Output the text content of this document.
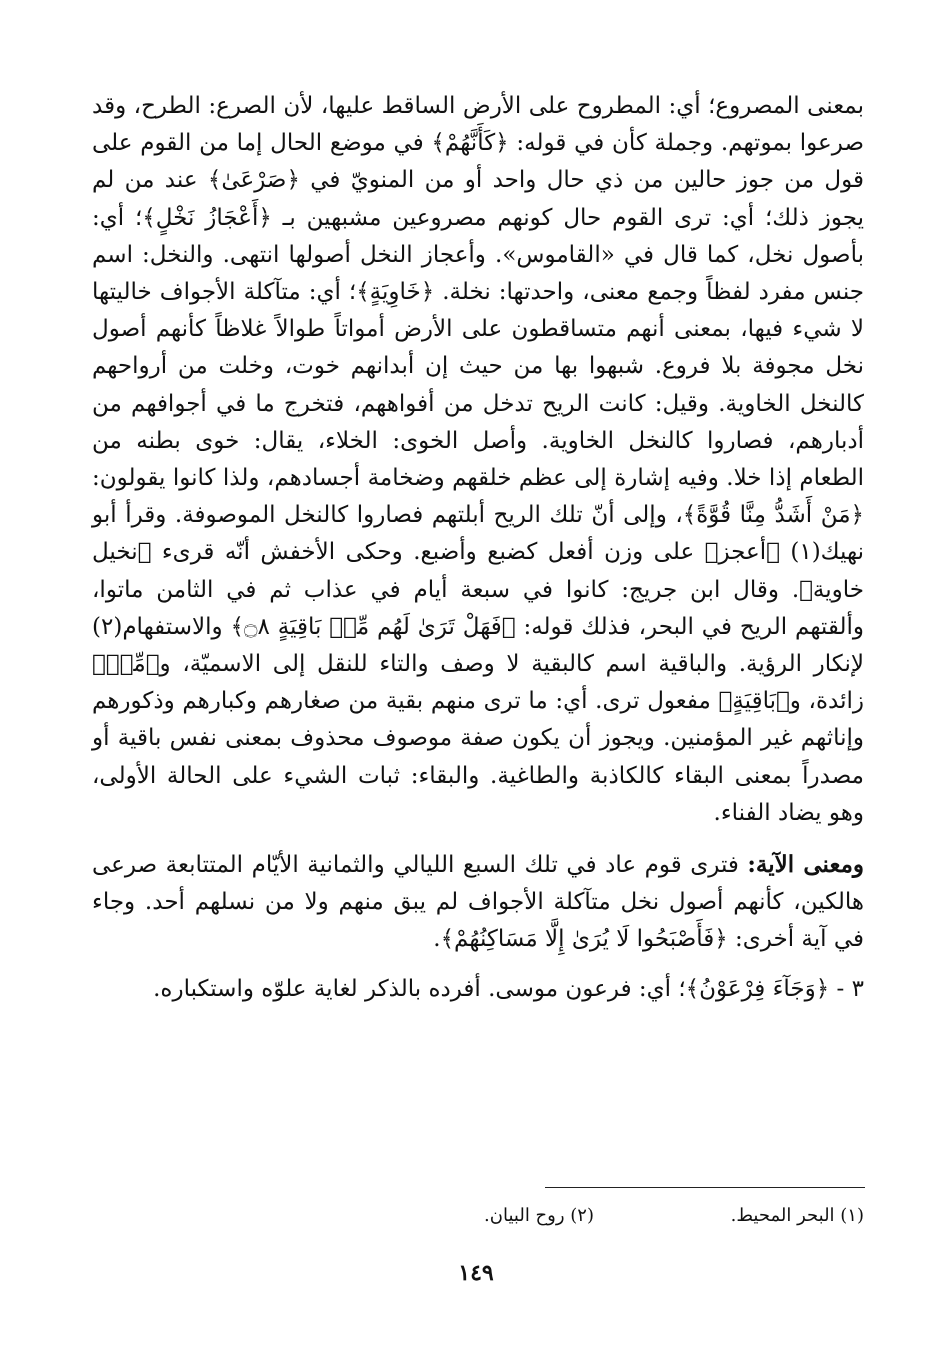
بمعنى المصروع؛ أي: المطروح على الأرض الساقط عليها، لأن الصرع: الطرح، وقد صرعوا بموتهم. وجملة كأن في قوله: ﴿كَأَنَّهُمْ﴾ في موضع الحال إما من القوم على قول من جوز حالين من ذي حال واحد أو من المنويّ في ﴿صَرْعَىٰ﴾ عند من لم يجوز ذلك؛ أي: ترى القوم حال كونهم مصروعين مشبهين بـ ﴿أَعْجَازُ نَخْلٍ﴾؛ أي: بأصول نخل، كما قال في «القاموس». وأعجاز النخل أصولها انتهى. والنخل: اسم جنس مفرد لفظاً وجمع معنى، واحدتها: نخلة. ﴿خَاوِيَةٍ﴾؛ أي: متآكلة الأجواف خاليتها لا شيء فيها، بمعنى أنهم متساقطون على الأرض أمواتاً طوالاً غلاظاً كأنهم أصول نخل مجوفة بلا فروع. شبهوا بها من حيث إن أبدانهم خوت، وخلت من أرواحهم كالنخل الخاوية. وقيل: كانت الريح تدخل من أفواههم، فتخرج ما في أجوافهم من أدبارهم، فصاروا كالنخل الخاوية. وأصل الخوى: الخلاء، يقال: خوى بطنه من الطعام إذا خلا. وفيه إشارة إلى عظم خلقهم وضخامة أجسادهم، ولذا كانوا يقولون: ﴿مَنْ أَشَدُّ مِنَّا قُوَّةً﴾، وإلى أنّ تلك الريح أبلتهم فصاروا كالنخل الموصوفة. وقرأ أبو نهيك(١) ﴿أعجز﴾ على وزن أفعل كضبع وأضبع. وحكى الأخفش أنّه قرىء ﴿نخيل خاوية﴾. وقال ابن جريج: كانوا في سبعة أيام في عذاب ثم في الثامن ماتوا، وألقتهم الريح في البحر، فذلك قوله: ﴿فَهَلْ تَرَىٰ لَهُم مِّنۢ بَاقِيَةٍ ۝٨﴾ والاستفهام(٢) لإنكار الرؤية. والباقية اسم كالبقية لا وصف والتاء للنقل إلى الاسميّة، و﴿مِّنۢ﴾ زائدة، و﴿بَاقِيَةٍ﴾ مفعول ترى. أي: ما ترى منهم بقية من صغارهم وكبارهم وذكورهم وإناثهم غير المؤمنين. ويجوز أن يكون صفة موصوف محذوف بمعنى نفس باقية أو مصدراً بمعنى البقاء كالكاذبة والطاغية. والبقاء: ثبات الشيء على الحالة الأولى، وهو يضاد الفناء.

ومعنى الآية: فترى قوم عاد في تلك السبع الليالي والثمانية الأيّام المتتابعة صرعى هالكين، كأنهم أصول نخل متآكلة الأجواف لم يبق منهم ولا من نسلهم أحد. وجاء في آية أخرى: ﴿فَأَصْبَحُوا لَا يُرَىٰ إِلَّا مَسَاكِنُهُمْ﴾.

٣ - ﴿وَجَآءَ فِرْعَوْنُ﴾؛ أي: فرعون موسى. أفرده بالذكر لغاية علوّه واستكباره.

(١) البحر المحيط.(٢) روح البيان.
١٤٩
